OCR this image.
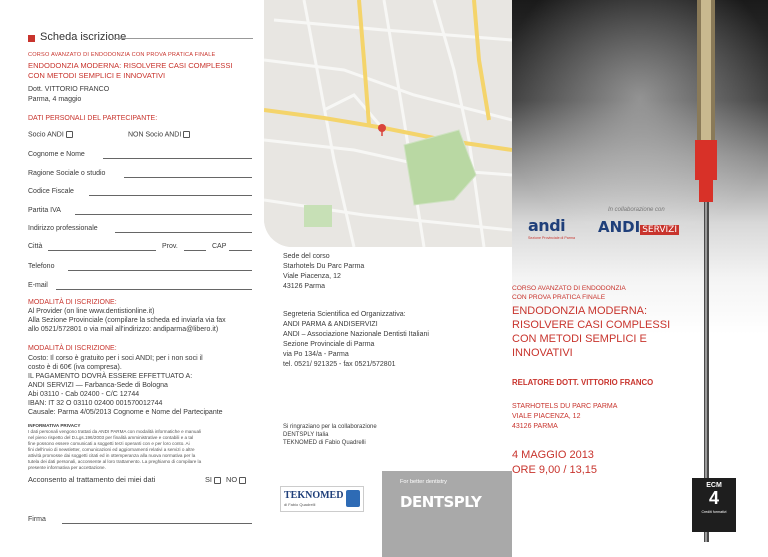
Scheda iscrizione
CORSO AVANZATO DI ENDODONZIA CON PROVA PRATICA FINALE
ENDODONZIA MODERNA: RISOLVERE CASI COMPLESSI
CON METODI SEMPLICI E INNOVATIVI
Dott. VITTORIO FRANCO
Parma, 4 maggio
DATI PERSONALI DEL PARTECIPANTE:
Socio ANDI	NON Socio ANDI
Cognome e Nome
Ragione Sociale o studio
Codice Fiscale
Partita IVA
Indirizzo professionale
Città	Prov.	CAP
Telefono
E-mail
MODALITÀ DI ISCRIZIONE:
Al Provider (on line www.dentistionline.it)
Alla Sezione Provinciale (compilare la scheda ed inviarla via fax
allo 0521/572801 o via mail all'indirizzo: andiparma@libero.it)
MODALITÀ DI ISCRIZIONE:
Costo: Il corso è gratuito per i soci ANDI; per i non soci il
costo è di 60€ (iva compresa).
IL PAGAMENTO DOVRÀ ESSERE EFFETTUATO A:
ANDI SERVIZI — Farbanca-Sede di Bologna
Abi 03110 - Cab 02400 - C/C 12744
IBAN: IT 32 O 03110 02400 001570012744
Causale: Parma 4/05/2013 Cognome e Nome del Partecipante
INFORMATIVA PRIVACY
I dati personali vengono trattati da ANDI PARMA con modalità informatiche e manuali
nel pieno rispetto del D.Lgs.196/2003 per finalità amministrative e contabili e a tal
fine possono essere comunicati a soggetti terzi operanti con e per loro conto. Ai
fini dell'invio di newsletter, comunicazioni ed aggiornamenti relativi a servizi o altre
attività promosse dai soggetti citati ed in ottemperanza alla nuova normativa per la
tutela dei dati personali, acconsente al loro trattamento. La preghiamo di compilare la
presente informativa per accettazione.
Acconsento al trattamento dei miei dati	SI	NO
Firma
Sede del corso
Starhotels Du Parc Parma
Viale Piacenza, 12
43126 Parma
Segreteria Scientifica ed Organizzativa:
ANDI PARMA & ANDISERVIZI
ANDI – Associazione Nazionale Dentisti Italiani
Sezione Provinciale di Parma
via Po 134/a - Parma
tel. 0521/ 921325 - fax 0521/572801
Si ringraziano per la collaborazione
DENTSPLY Italia
TEKNOMED di Fabio Quadrelli
TEKNOMED
di Fabio Quadrelli
For better dentistry
DENTSPLY
In collaborazione con
andi
Sezione Provinciale di Parma
ANDI SERVIZI
CORSO AVANZATO DI ENDODONZIA
CON PROVA PRATICA FINALE
ENDODONZIA MODERNA:
RISOLVERE CASI COMPLESSI
CON METODI SEMPLICI E
INNOVATIVI
RELATORE DOTT. VITTORIO FRANCO
STARHOTELS DU PARC PARMA
VIALE PIACENZA, 12
43126 PARMA
4 MAGGIO 2013
ORE 9,00 / 13,15
ECM
4
Crediti formativi
